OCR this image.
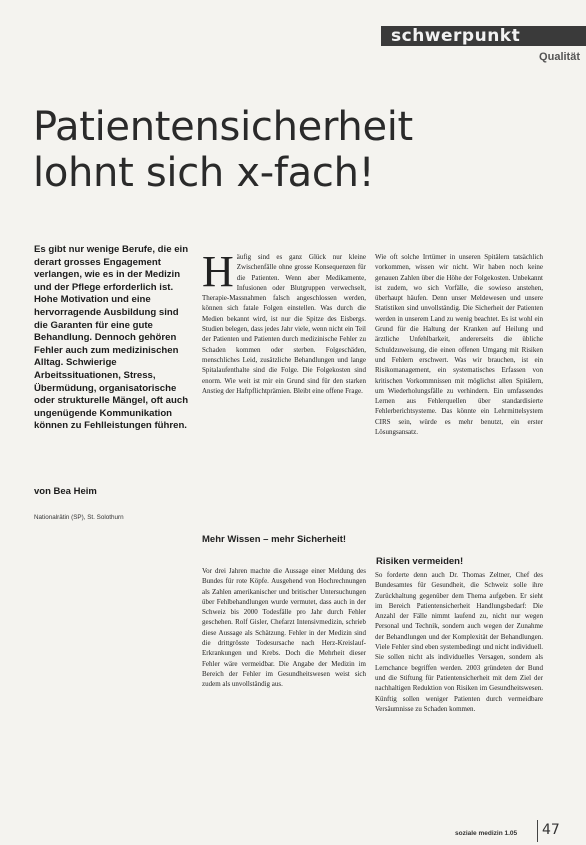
schwerpunkt
Qualität
Patientensicherheit
lohnt sich x-fach!

Es gibt nur wenige Berufe, die ein derart grosses Engagement verlangen, wie es in der Medizin und der Pflege erforderlich ist. Hohe Motivation und eine hervorragende Ausbildung sind die Garanten für eine gute Behandlung. Dennoch gehören Fehler auch zum medizinischen Alltag. Schwierige Arbeitssituationen, Stress, Übermüdung, organisatorische oder strukturelle Mängel, oft auch ungenügende Kommunikation können zu Fehlleistungen führen.

von Bea Heim

Nationalrätin (SP), St. Solothurn

H äufig sind es ganz Glück nur kleine Zwischenfälle ohne grosse Konsequenzen für die Patienten. Wenn aber Medikamente, Infusionen oder Blutgruppen verwechselt, Therapie-Massnahmen falsch angeschlossen werden, können sich fatale Folgen einstellen. Was durch die Medien bekannt wird, ist nur die Spitze des Eisbergs. Studien belegen, dass jedes Jahr viele, wenn nicht ein Teil der Patienten und Patienten durch medizinische Fehler zu Schaden kommen oder sterben. Folgeschäden, menschliches Leid, zusätzliche Behandlungen und lange Spitalaufenthalte sind die Folge. Die Folgekosten sind enorm. Wie weit ist mir ein Grund sind für den starken Anstieg der Haftpflichtprämien. Bleibt eine offene Frage.

Wie oft solche Irrtümer in unseren Spitälern tatsächlich vorkommen, wissen wir nicht. Wir haben noch keine genauen Zahlen über die Höhe der Folgekosten. Unbekannt ist zudem, wo sich Vorfälle, die sowieso anstehen, überhaupt häufen. Denn unser Meldewesen und unsere Statistiken sind unvollständig. Die Sicherheit der Patienten werden in unserem Land zu wenig beachtet. Es ist wohl ein Grund für die Haltung der Kranken auf Heilung und ärztliche Unfehlbarkeit, andererseits die übliche Schuldzuweisung, die einen offenen Umgang mit Risiken und Fehlern erschwert. Was wir brauchen, ist ein Risikomanagement, ein systematisches Erfassen von kritischen Vorkommnissen mit möglichst allen Spitälern, um Wiederholungsfälle zu verhindern. Ein umfassendes Lernen aus Fehlerquellen über standardisierte Fehlerberichtsysteme. Das könnte ein Lehrmittelsystem CIRS sein, würde es mehr benutzt, ein erster Lösungsansatz.

Mehr Wissen – mehr Sicherheit!

Vor drei Jahren machte die Aussage einer Meldung des Bundes für rote Köpfe. Ausgehend von Hochrechnungen als Zahlen amerikanischer und britischer Untersuchungen über Fehlbehandlungen wurde vermutet, dass auch in der Schweiz bis 2000 Todesfälle pro Jahr durch Fehler geschehen. Rolf Gisler, Chefarzt Intensivmedizin, schrieb diese Aussage als Schätzung. Fehler in der Medizin sind die drittgrösste Todesursache nach Herz-Kreislauf-Erkrankungen und Krebs. Doch die Mehrheit dieser Fehler wäre vermeidbar. Die Angabe der Medizin im Bereich der Fehler im Gesundheitswesen weist sich zudem als unvollständig aus.

Risiken vermeiden!

So forderte denn auch Dr. Thomas Zeltner, Chef des Bundesamtes für Gesundheit, die Schweiz solle ihre Zurückhaltung gegenüber dem Thema aufgeben. Er sieht im Bereich Patientensicherheit Handlungsbedarf: Die Anzahl der Fälle nimmt laufend zu, nicht nur wegen Personal und Technik, sondern auch wegen der Zunahme der Behandlungen und der Komplexität der Behandlungen. Viele Fehler sind eben systembedingt und nicht individuell. Sie sollen nicht als individuelles Versagen, sondern als Lernchance begriffen werden. 2003 gründeten der Bund und die Stiftung für Patientensicherheit mit dem Ziel der nachhaltigen Reduktion von Risiken im Gesundheitswesen. Künftig sollen weniger Patienten durch vermeidbare Versäumnisse zu Schaden kommen.

soziale medizin 1.05	47
